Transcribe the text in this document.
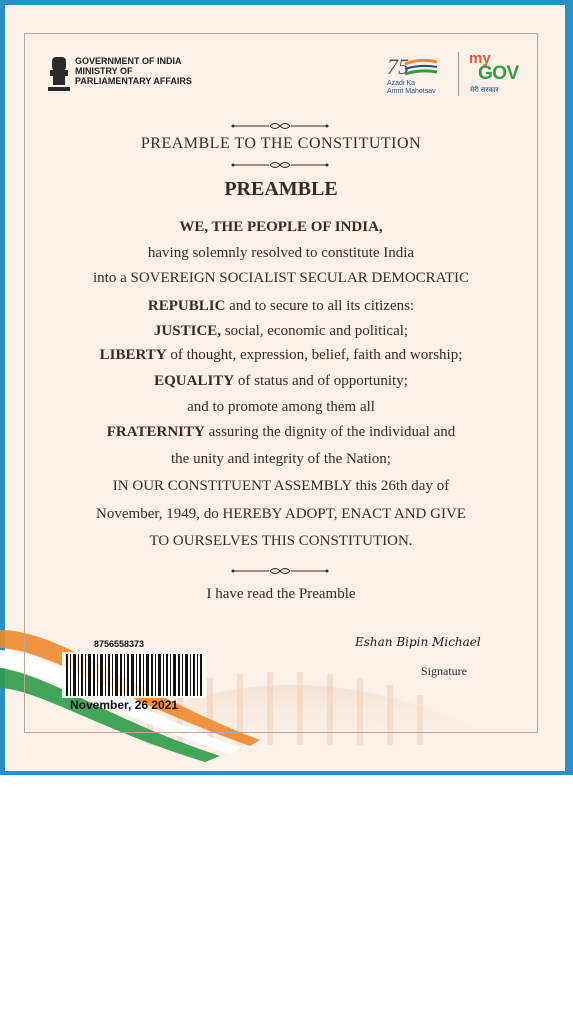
GOVERNMENT OF INDIA
MINISTRY OF
PARLIAMENTARY AFFAIRS
75
Azadi Ka
Amrit Mahotsav
my
GOV
मेरी सरकार
PREAMBLE TO THE CONSTITUTION
PREAMBLE
WE, THE PEOPLE OF INDIA,
having solemnly resolved to constitute India
into a SOVEREIGN SOCIALIST SECULAR DEMOCRATIC
REPUBLIC and to secure to all its citizens:
JUSTICE, social, economic and political;
LIBERTY of thought, expression, belief, faith and worship;
EQUALITY of status and of opportunity;
and to promote among them all
FRATERNITY assuring the dignity of the individual and
the unity and integrity of the Nation;
IN OUR CONSTITUENT ASSEMBLY this 26th day of
November, 1949, do HEREBY ADOPT, ENACT AND GIVE
TO OURSELVES THIS CONSTITUTION.
I have read the Preamble
8756558373
November, 26 2021
Eshan Bipin Michael
Signature
